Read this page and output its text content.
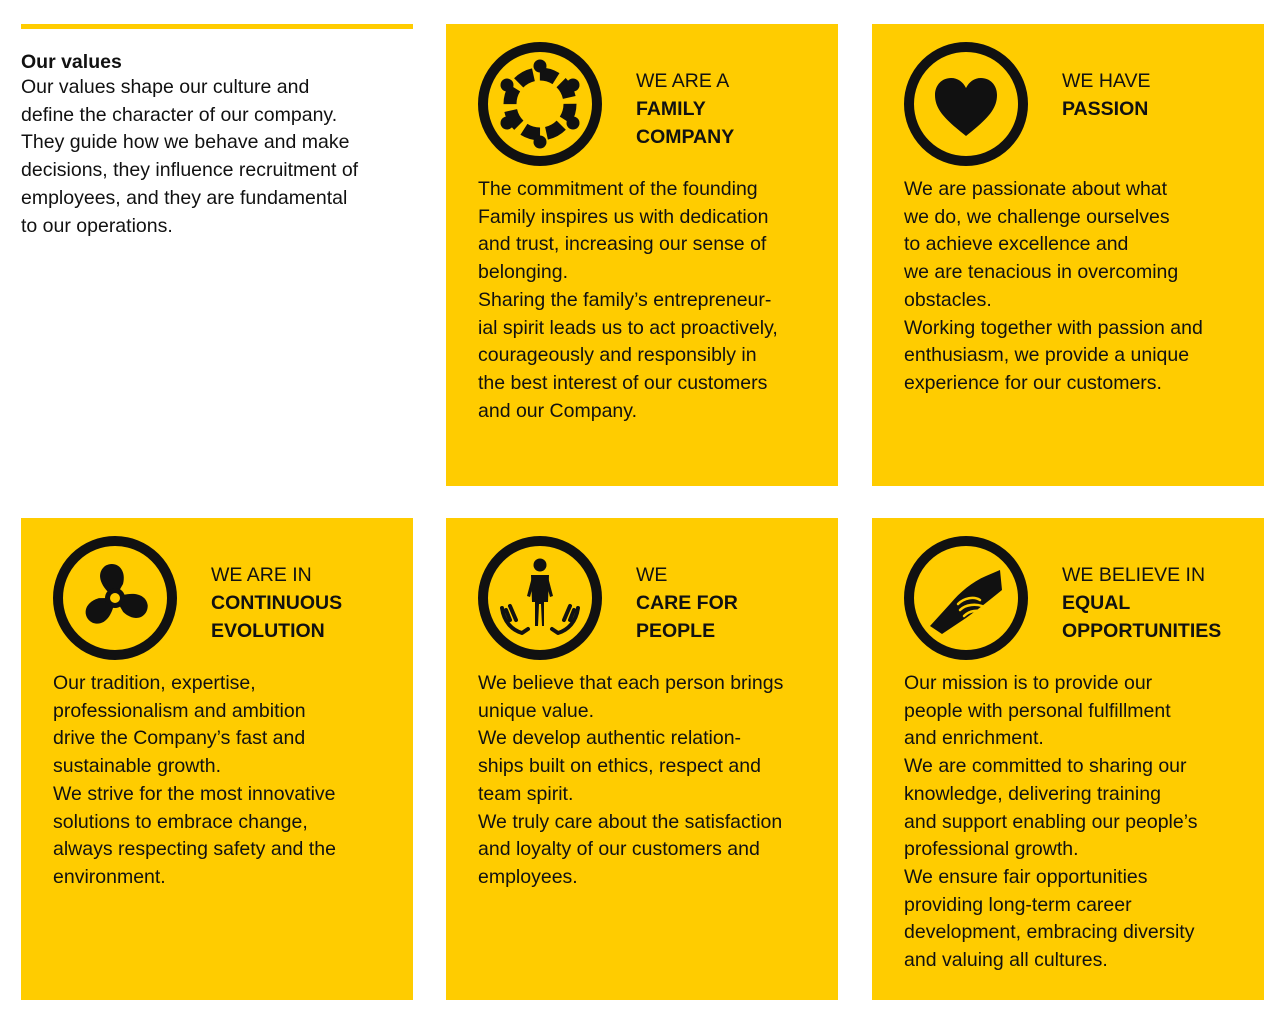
Our values

Our values shape our culture and
define the character of our company.
They guide how we behave and make
decisions, they influence recruitment of
employees, and they are fundamental
to our operations.

WE ARE A
FAMILY
COMPANY

The commitment of the founding
Family inspires us with dedication
and trust, increasing our sense of
belonging.
Sharing the family’s entrepreneur-
ial spirit leads us to act proactively,
courageously and responsibly in
the best interest of our customers
and our Company.

WE HAVE
PASSION

We are passionate about what
we do, we challenge ourselves
to achieve excellence and
we are tenacious in overcoming
obstacles.
Working together with passion and
enthusiasm, we provide a unique
experience for our customers.

WE ARE IN
CONTINUOUS
EVOLUTION

Our tradition, expertise,
professionalism and ambition
drive the Company’s fast and
sustainable growth.
We strive for the most innovative
solutions to embrace change,
always respecting safety and the
environment.

WE
CARE FOR
PEOPLE

We believe that each person brings
unique value.
We develop authentic relation-
ships built on ethics, respect and
team spirit.
We truly care about the satisfaction
and loyalty of our customers and
employees.

WE BELIEVE IN
EQUAL
OPPORTUNITIES

Our mission is to provide our
people with personal fulfillment
and enrichment.
We are committed to sharing our
knowledge, delivering training
and support enabling our people’s
professional growth.
We ensure fair opportunities
providing long-term career
development, embracing diversity
and valuing all cultures.
